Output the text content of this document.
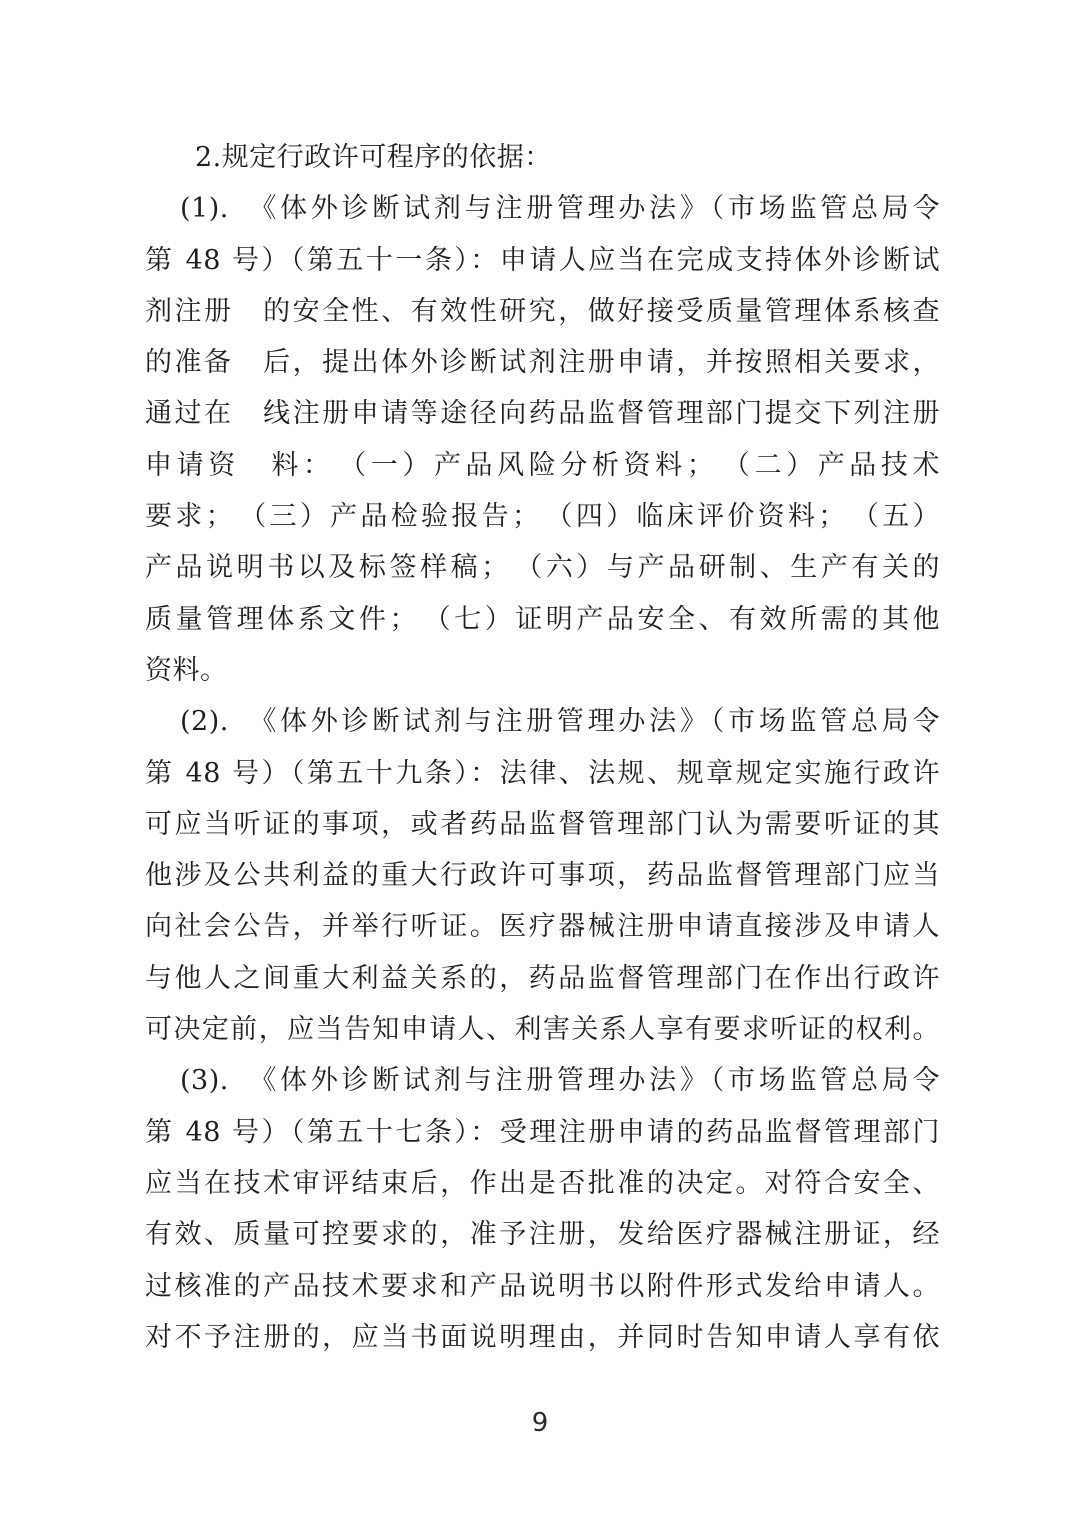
2.规定行政许可程序的依据：
(1).　《体外诊断试剂与注册管理办法》（市场监管总局令
第 48 号）（第五十一条）：申请人应当在完成支持体外诊断试
剂注册　的安全性、有效性研究，做好接受质量管理体系核查
的准备　后，提出体外诊断试剂注册申请，并按照相关要求，
通过在　线注册申请等途径向药品监督管理部门提交下列注册
申请资　料：　（一）产品风险分析资料；　（二）产品技术
要求；　（三）产品检验报告；　（四）临床评价资料；　（五）
产品说明书以及标签样稿；　（六）与产品研制、生产有关的
质量管理体系文件；　（七）证明产品安全、有效所需的其他
资料。
(2).　《体外诊断试剂与注册管理办法》（市场监管总局令
第 48 号）（第五十九条）：法律、法规、规章规定实施行政许
可应当听证的事项，或者药品监督管理部门认为需要听证的其
他涉及公共利益的重大行政许可事项，药品监督管理部门应当
向社会公告，并举行听证。医疗器械注册申请直接涉及申请人
与他人之间重大利益关系的，药品监督管理部门在作出行政许
可决定前，应当告知申请人、利害关系人享有要求听证的权利。
(3).　《体外诊断试剂与注册管理办法》（市场监管总局令
第 48 号）（第五十七条）：受理注册申请的药品监督管理部门
应当在技术审评结束后，作出是否批准的决定。对符合安全、
有效、质量可控要求的，准予注册，发给医疗器械注册证，经
过核准的产品技术要求和产品说明书以附件形式发给申请人。
对不予注册的，应当书面说明理由，并同时告知申请人享有依
9
